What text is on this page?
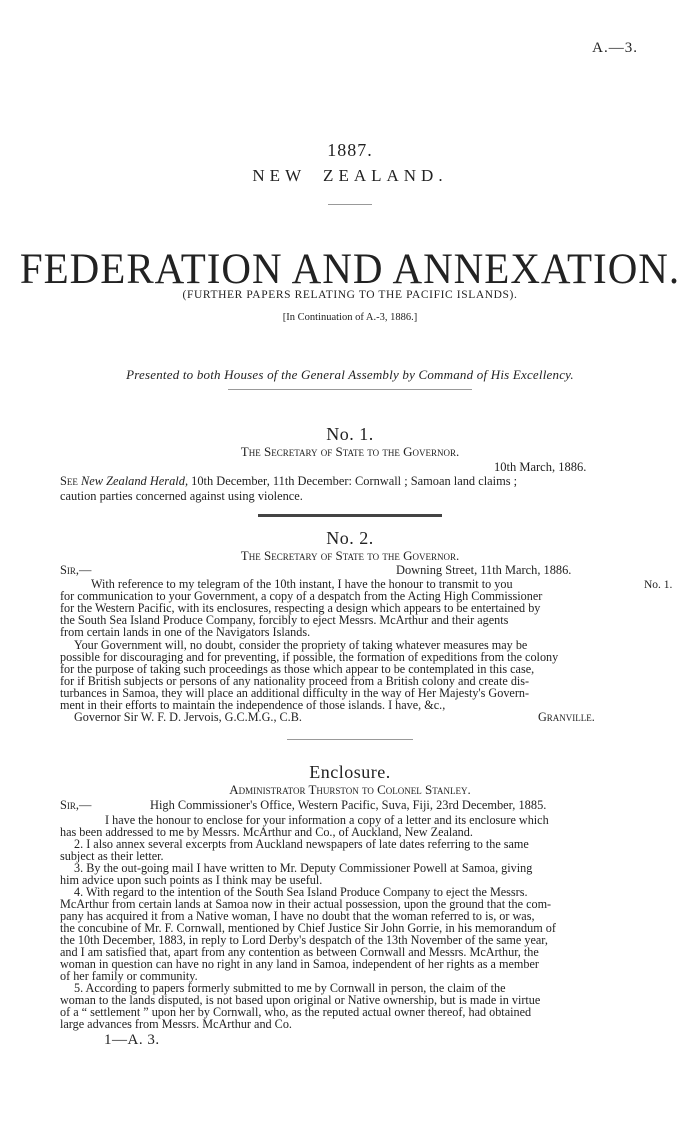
A.—3.
1887.
NEW ZEALAND.
FEDERATION AND ANNEXATION.
(FURTHER PAPERS RELATING TO THE PACIFIC ISLANDS).
[In Continuation of A.-3, 1886.]
Presented to both Houses of the General Assembly by Command of His Excellency.
No. 1.
The Secretary of State to the Governor.
10th March, 1886.
See New Zealand Herald, 10th December, 11th December: Cornwall ; Samoan land claims ;
caution parties concerned against using violence.
No. 2.
The Secretary of State to the Governor.
Sir,—	Downing Street, 11th March, 1886.
No. 1.
With reference to my telegram of the 10th instant, I have the honour to transmit to you
for communication to your Government, a copy of a despatch from the Acting High Commissioner
for the Western Pacific, with its enclosures, respecting a design which appears to be entertained by
the South Sea Island Produce Company, forcibly to eject Messrs. McArthur and their agents
from certain lands in one of the Navigators Islands.
Your Government will, no doubt, consider the propriety of taking whatever measures may be
possible for discouraging and for preventing, if possible, the formation of expeditions from the colony
for the purpose of taking such proceedings as those which appear to be contemplated in this case,
for if British subjects or persons of any nationality proceed from a British colony and create dis-
turbances in Samoa, they will place an additional difficulty in the way of Her Majesty's Govern-
ment in their efforts to maintain the independence of those islands. I have, &c.,
Governor Sir W. F. D. Jervois, G.C.M.G., C.B.	Granville.
Enclosure.
Administrator Thurston to Colonel Stanley.
Sir,—	High Commissioner's Office, Western Pacific, Suva, Fiji, 23rd December, 1885.
I have the honour to enclose for your information a copy of a letter and its enclosure which
has been addressed to me by Messrs. McArthur and Co., of Auckland, New Zealand.
2. I also annex several excerpts from Auckland newspapers of late dates referring to the same
subject as their letter.
3. By the out-going mail I have written to Mr. Deputy Commissioner Powell at Samoa, giving
him advice upon such points as I think may be useful.
4. With regard to the intention of the South Sea Island Produce Company to eject the Messrs.
McArthur from certain lands at Samoa now in their actual possession, upon the ground that the com-
pany has acquired it from a Native woman, I have no doubt that the woman referred to is, or was,
the concubine of Mr. F. Cornwall, mentioned by Chief Justice Sir John Gorrie, in his memorandum of
the 10th December, 1883, in reply to Lord Derby's despatch of the 13th November of the same year,
and I am satisfied that, apart from any contention as between Cornwall and Messrs. McArthur, the
woman in question can have no right in any land in Samoa, independent of her rights as a member
of her family or community.
5. According to papers formerly submitted to me by Cornwall in person, the claim of the
woman to the lands disputed, is not based upon original or Native ownership, but is made in virtue
of a “ settlement ” upon her by Cornwall, who, as the reputed actual owner thereof, had obtained
large advances from Messrs. McArthur and Co.
1—A. 3.
